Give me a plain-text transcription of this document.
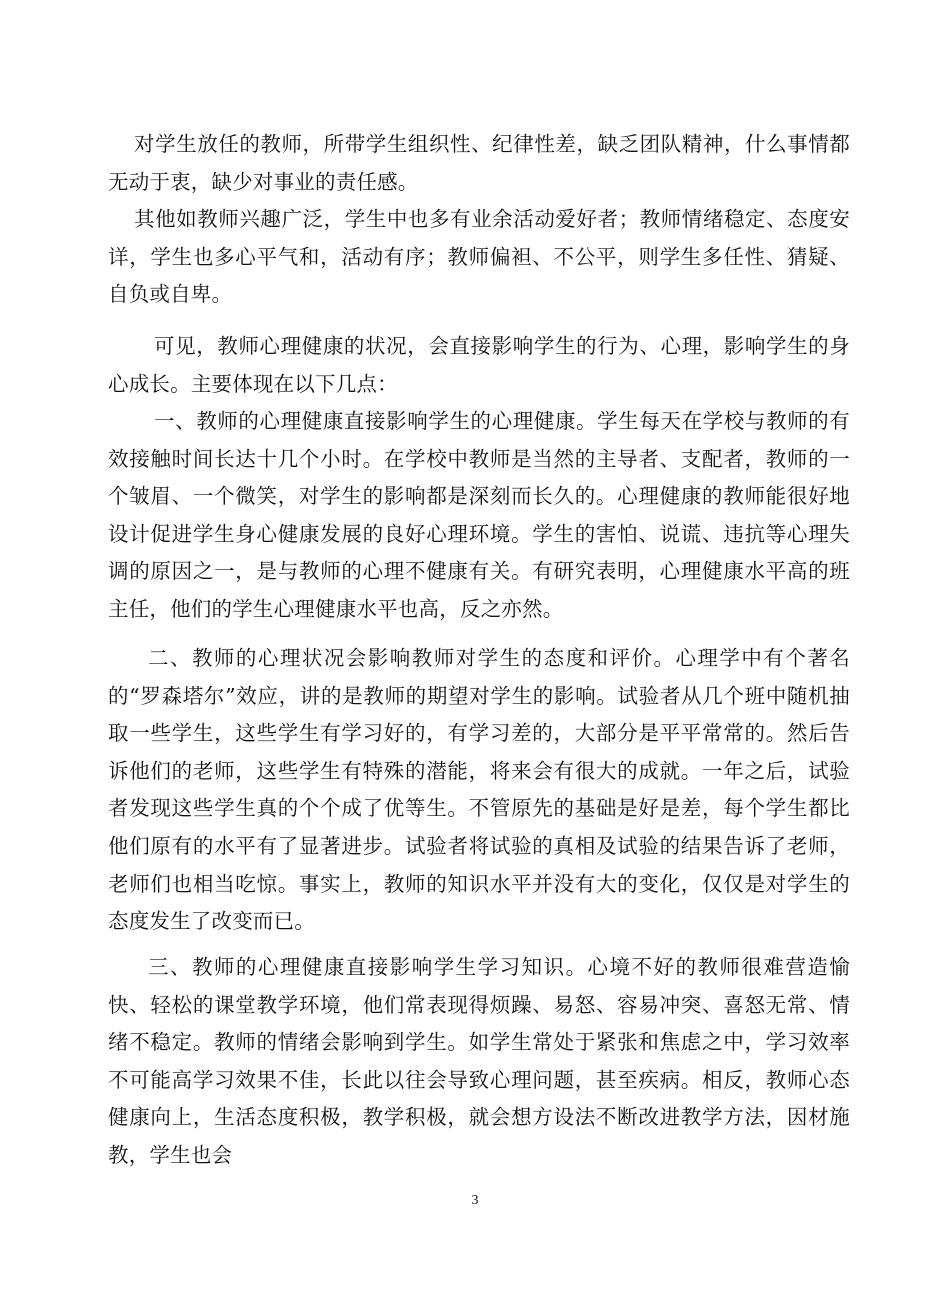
对学生放任的教师，所带学生组织性、纪律性差，缺乏团队精神，什么事情都无动于衷，缺少对事业的责任感。

其他如教师兴趣广泛，学生中也多有业余活动爱好者；教师情绪稳定、态度安详，学生也多心平气和，活动有序；教师偏袒、不公平，则学生多任性、猜疑、自负或自卑。

可见，教师心理健康的状况，会直接影响学生的行为、心理，影响学生的身心成长。主要体现在以下几点：

一、教师的心理健康直接影响学生的心理健康。学生每天在学校与教师的有效接触时间长达十几个小时。在学校中教师是当然的主导者、支配者，教师的一个皱眉、一个微笑，对学生的影响都是深刻而长久的。心理健康的教师能很好地设计促进学生身心健康发展的良好心理环境。学生的害怕、说谎、违抗等心理失调的原因之一，是与教师的心理不健康有关。有研究表明，心理健康水平高的班主任，他们的学生心理健康水平也高，反之亦然。

二、教师的心理状况会影响教师对学生的态度和评价。心理学中有个著名的“罗森塔尔”效应，讲的是教师的期望对学生的影响。试验者从几个班中随机抽取一些学生，这些学生有学习好的，有学习差的，大部分是平平常常的。然后告诉他们的老师，这些学生有特殊的潜能，将来会有很大的成就。一年之后，试验者发现这些学生真的个个成了优等生。不管原先的基础是好是差，每个学生都比他们原有的水平有了显著进步。试验者将试验的真相及试验的结果告诉了老师，老师们也相当吃惊。事实上，教师的知识水平并没有大的变化，仅仅是对学生的态度发生了改变而已。

三、教师的心理健康直接影响学生学习知识。心境不好的教师很难营造愉快、轻松的课堂教学环境，他们常表现得烦躁、易怒、容易冲突、喜怒无常、情绪不稳定。教师的情绪会影响到学生。如学生常处于紧张和焦虑之中，学习效率不可能高学习效果不佳，长此以往会导致心理问题，甚至疾病。相反，教师心态健康向上，生活态度积极，教学积极，就会想方设法不断改进教学方法，因材施教，学生也会

3
